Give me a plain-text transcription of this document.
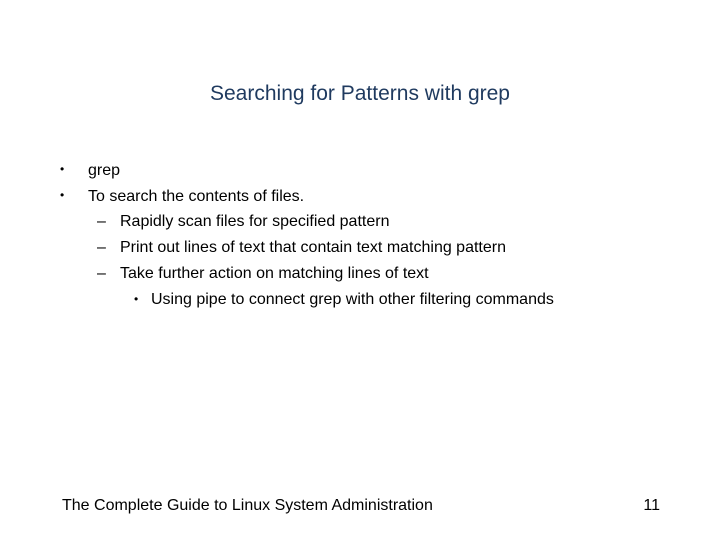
Searching for Patterns with grep
• grep
• To search the contents of files.
– Rapidly scan files for specified pattern
– Print out lines of text that contain text matching pattern
– Take further action on matching lines of text
• Using pipe to connect grep with other filtering commands
The Complete Guide to Linux System Administration	11
